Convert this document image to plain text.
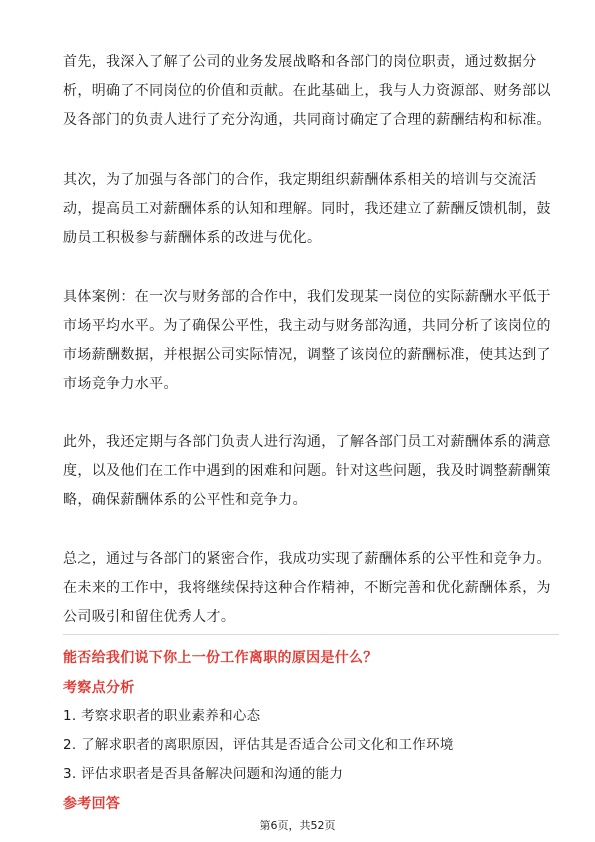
首先，我深入了解了公司的业务发展战略和各部门的岗位职责，通过数据分析，明确了不同岗位的价值和贡献。在此基础上，我与人力资源部、财务部以及各部门的负责人进行了充分沟通，共同商讨确定了合理的薪酬结构和标准。

其次，为了加强与各部门的合作，我定期组织薪酬体系相关的培训与交流活动，提高员工对薪酬体系的认知和理解。同时，我还建立了薪酬反馈机制，鼓励员工积极参与薪酬体系的改进与优化。

具体案例：在一次与财务部的合作中，我们发现某一岗位的实际薪酬水平低于市场平均水平。为了确保公平性，我主动与财务部沟通，共同分析了该岗位的市场薪酬数据，并根据公司实际情况，调整了该岗位的薪酬标准，使其达到了市场竞争力水平。

此外，我还定期与各部门负责人进行沟通，了解各部门员工对薪酬体系的满意度，以及他们在工作中遇到的困难和问题。针对这些问题，我及时调整薪酬策略，确保薪酬体系的公平性和竞争力。

总之，通过与各部门的紧密合作，我成功实现了薪酬体系的公平性和竞争力。在未来的工作中，我将继续保持这种合作精神，不断完善和优化薪酬体系，为公司吸引和留住优秀人才。

能否给我们说下你上一份工作离职的原因是什么？

考察点分析

1. 考察求职者的职业素养和心态
2. 了解求职者的离职原因，评估其是否适合公司文化和工作环境
3. 评估求职者是否具备解决问题和沟通的能力

参考回答

第6页，共52页
